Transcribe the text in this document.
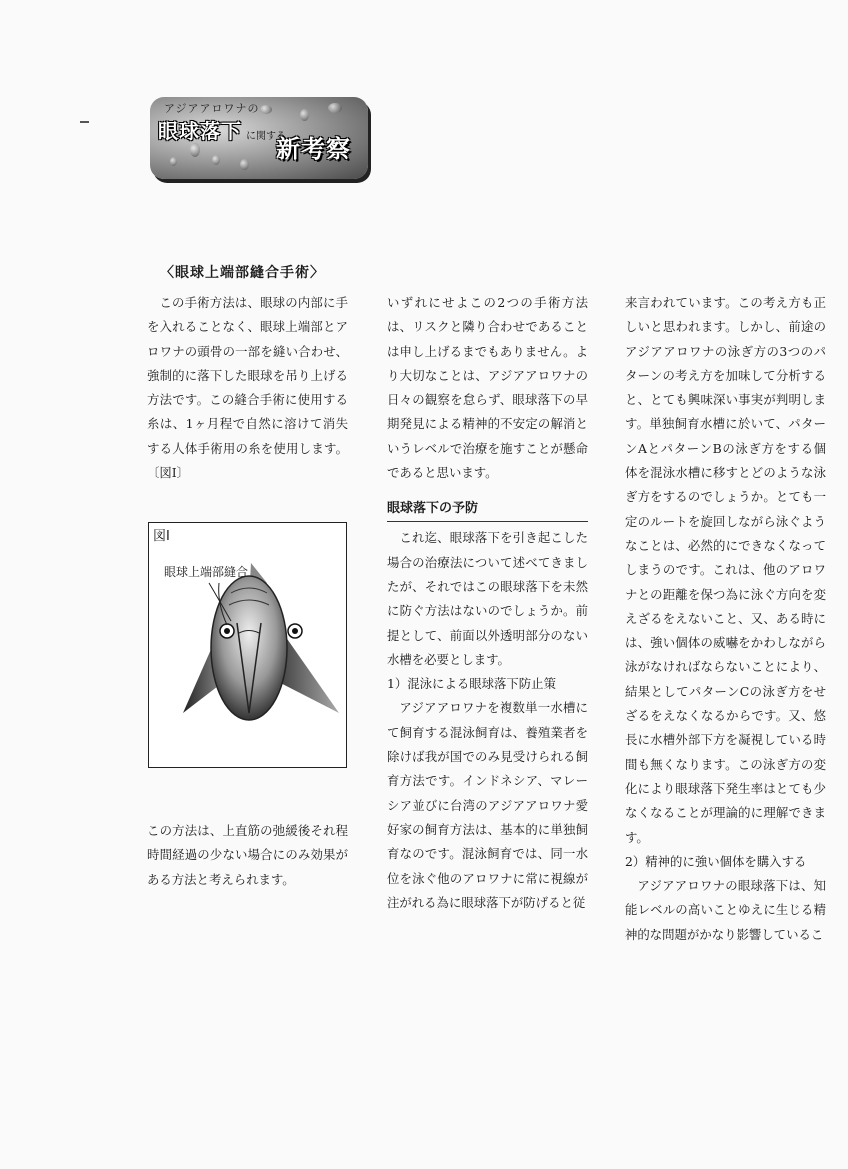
アジアアロワナの
眼球落下 に関する
新考察
〈眼球上端部縫合手術〉

この手術方法は、眼球の内部に手を入れることなく、眼球上端部とアロワナの頭骨の一部を縫い合わせ、強制的に落下した眼球を吊り上げる方法です。この縫合手術に使用する糸は、1ヶ月程で自然に溶けて消失する人体手術用の糸を使用します。〔図Ⅰ〕

図Ⅰ
眼球上端部縫合

この方法は、上直筋の弛緩後それ程時間経過の少ない場合にのみ効果がある方法と考えられます。

いずれにせよこの2つの手術方法は、リスクと隣り合わせであることは申し上げるまでもありません。より大切なことは、アジアアロワナの日々の観察を怠らず、眼球落下の早期発見による精神的不安定の解消というレベルで治療を施すことが懸命であると思います。

眼球落下の予防

これ迄、眼球落下を引き起こした場合の治療法について述べてきましたが、それではこの眼球落下を未然に防ぐ方法はないのでしょうか。前提として、前面以外透明部分のない水槽を必要とします。

1）混泳による眼球落下防止策

アジアアロワナを複数単一水槽にて飼育する混泳飼育は、養殖業者を除けば我が国でのみ見受けられる飼育方法です。インドネシア、マレーシア並びに台湾のアジアアロワナ愛好家の飼育方法は、基本的に単独飼育なのです。混泳飼育では、同一水位を泳ぐ他のアロワナに常に視線が注がれる為に眼球落下が防げると従

来言われています。この考え方も正しいと思われます。しかし、前途のアジアアロワナの泳ぎ方の3つのパターンの考え方を加味して分析すると、とても興味深い事実が判明します。単独飼育水槽に於いて、パターンAとパターンBの泳ぎ方をする個体を混泳水槽に移すとどのような泳ぎ方をするのでしょうか。とても一定のルートを旋回しながら泳ぐようなことは、必然的にできなくなってしまうのです。これは、他のアロワナとの距離を保つ為に泳ぐ方向を変えざるをえないこと、又、ある時には、強い個体の威嚇をかわしながら泳がなければならないことにより、結果としてパターンCの泳ぎ方をせざるをえなくなるからです。又、悠長に水槽外部下方を凝視している時間も無くなります。この泳ぎ方の変化により眼球落下発生率はとても少なくなることが理論的に理解できます。

2）精神的に強い個体を購入する

アジアアロワナの眼球落下は、知能レベルの高いことゆえに生じる精神的な問題がかなり影響しているこ
